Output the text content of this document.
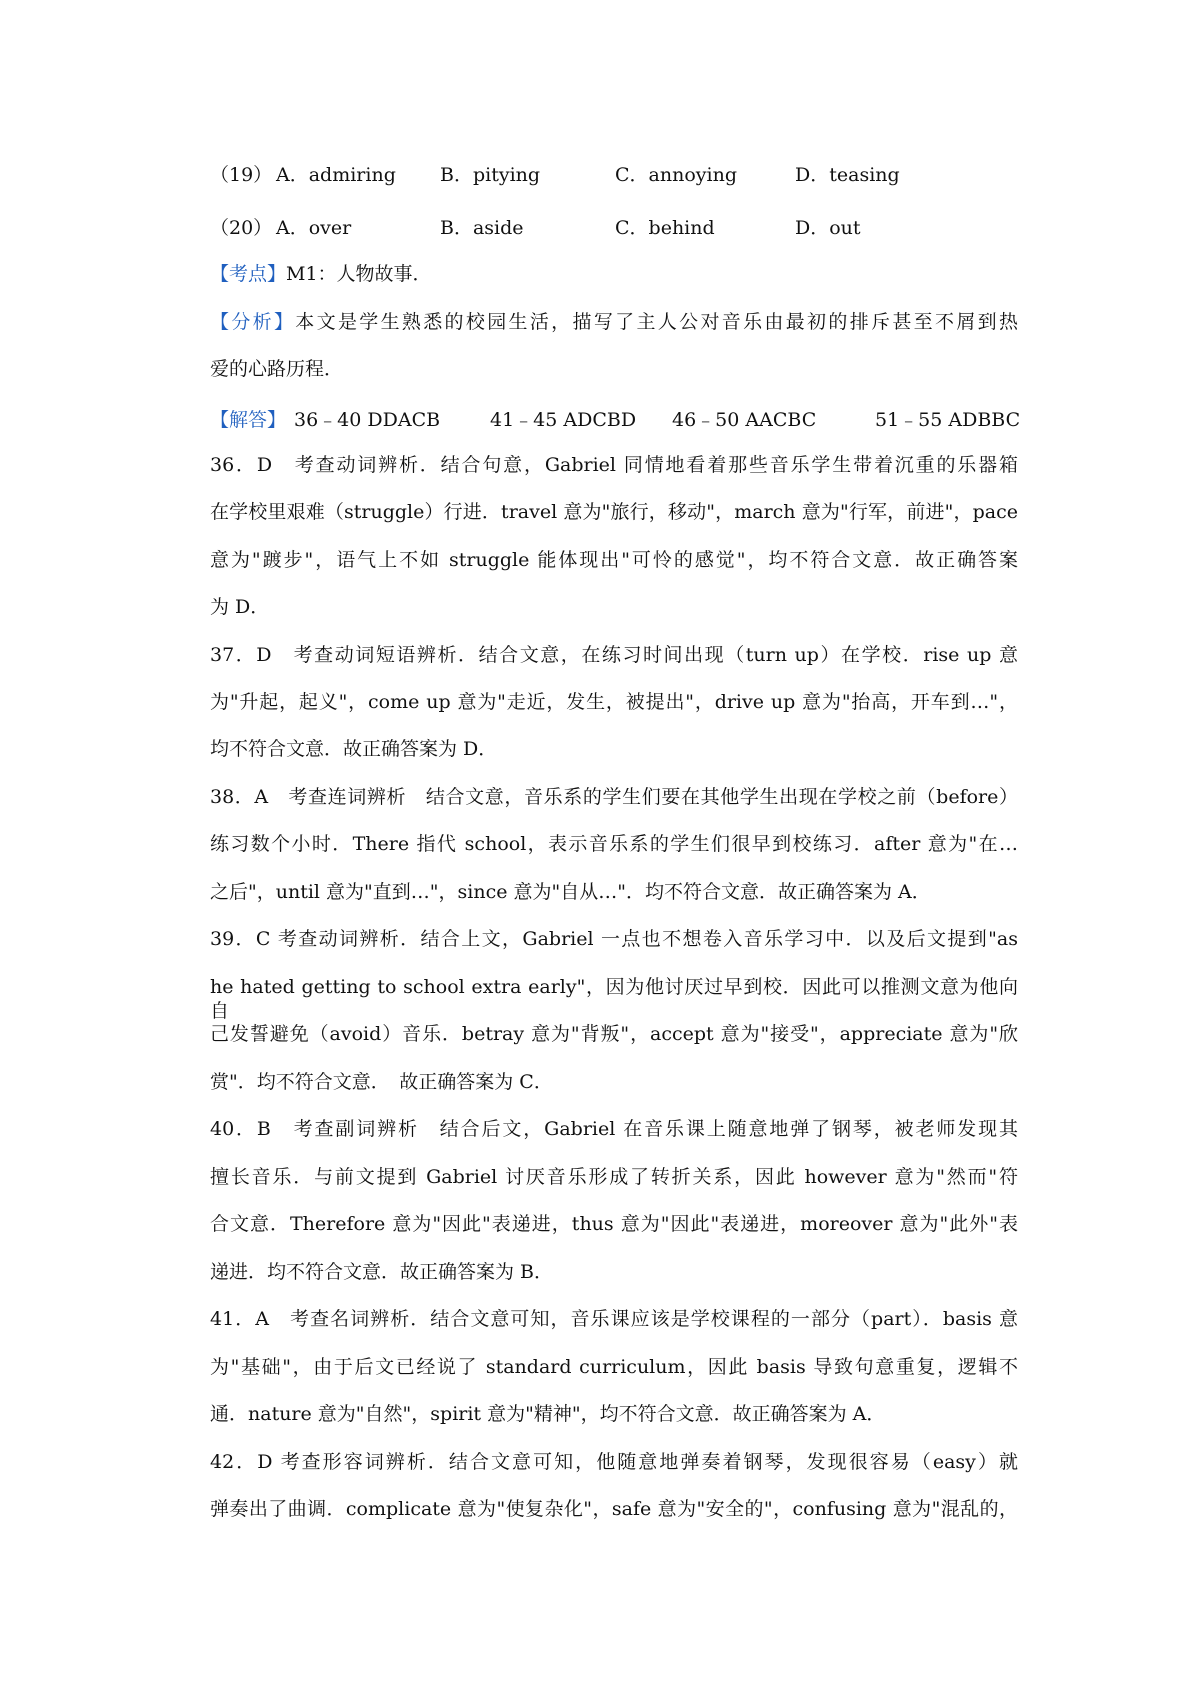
（19） A．admiring B．pitying	C．annoying	D．teasing
（20） A．over	B．aside	C．behind	D．out
【考点】M1：人物故事．
【分析】本文是学生熟悉的校园生活，描写了主人公对音乐由最初的排斥甚至不屑到热
爱的心路历程．
【解答】 36﹣40 DDACB	41﹣45 ADCBD 46﹣50 AACBC	51﹣55 ADBBC
36．D　考查动词辨析．结合句意，Gabriel 同情地看着那些音乐学生带着沉重的乐器箱
在学校里艰难（struggle）行进．travel 意为"旅行，移动"，march 意为"行军，前进"，pace
意为"踱步"，语气上不如 struggle 能体现出"可怜的感觉"，均不符合文意．故正确答案
为 D．
37．D　考查动词短语辨析．结合文意，在练习时间出现（turn up）在学校．rise up 意
为"升起，起义"，come up 意为"走近，发生，被提出"，drive up 意为"抬高，开车到…"，
均不符合文意．故正确答案为 D．
38．A　考查连词辨析　结合文意，音乐系的学生们要在其他学生出现在学校之前（before）
练习数个小时．There 指代 school，表示音乐系的学生们很早到校练习．after 意为"在…
之后"，until 意为"直到…"，since 意为"自从…"．均不符合文意．故正确答案为 A．
39．C 考查动词辨析．结合上文，Gabriel 一点也不想卷入音乐学习中．以及后文提到"as
he hated getting to school extra early"，因为他讨厌过早到校．因此可以推测文意为他向自
己发誓避免（avoid）音乐．betray 意为"背叛"，accept 意为"接受"，appreciate 意为"欣
赏"．均不符合文意．　故正确答案为 C．
40．B　考查副词辨析　结合后文，Gabriel 在音乐课上随意地弹了钢琴，被老师发现其
擅长音乐．与前文提到 Gabriel 讨厌音乐形成了转折关系，因此 however 意为"然而"符
合文意．Therefore 意为"因此"表递进，thus 意为"因此"表递进，moreover 意为"此外"表
递进．均不符合文意．故正确答案为 B．
41．A　考查名词辨析．结合文意可知，音乐课应该是学校课程的一部分（part）．basis 意
为"基础"，由于后文已经说了 standard curriculum，因此 basis 导致句意重复，逻辑不
通．nature 意为"自然"，spirit 意为"精神"，均不符合文意．故正确答案为 A．
42．D 考查形容词辨析．结合文意可知，他随意地弹奏着钢琴，发现很容易（easy）就
弹奏出了曲调．complicate 意为"使复杂化"，safe 意为"安全的"，confusing 意为"混乱的，
